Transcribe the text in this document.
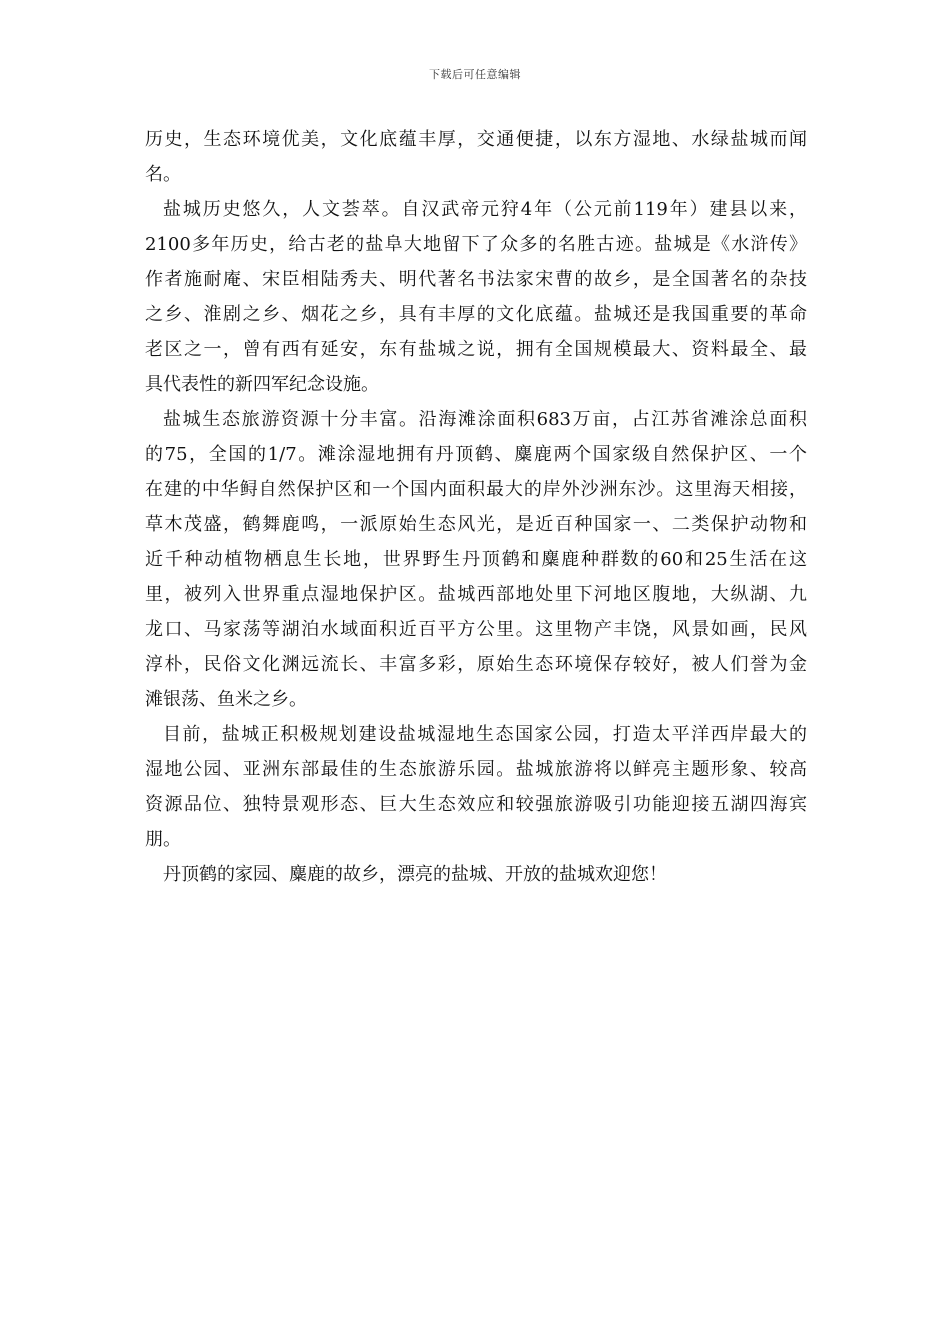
下载后可任意编辑
历史，生态环境优美，文化底蕴丰厚，交通便捷，以东方湿地、水绿盐城而闻
名。
盐城历史悠久，人文荟萃。自汉武帝元狩4年（公元前119年）建县以来，
2100多年历史，给古老的盐阜大地留下了众多的名胜古迹。盐城是《水浒传》
作者施耐庵、宋臣相陆秀夫、明代著名书法家宋曹的故乡，是全国著名的杂技
之乡、淮剧之乡、烟花之乡，具有丰厚的文化底蕴。盐城还是我国重要的革命
老区之一，曾有西有延安，东有盐城之说，拥有全国规模最大、资料最全、最
具代表性的新四军纪念设施。
盐城生态旅游资源十分丰富。沿海滩涂面积683万亩，占江苏省滩涂总面积
的75，全国的1/7。滩涂湿地拥有丹顶鹤、麋鹿两个国家级自然保护区、一个
在建的中华鲟自然保护区和一个国内面积最大的岸外沙洲东沙。这里海天相接，
草木茂盛，鹤舞鹿鸣，一派原始生态风光，是近百种国家一、二类保护动物和
近千种动植物栖息生长地，世界野生丹顶鹤和麋鹿种群数的60和25生活在这
里，被列入世界重点湿地保护区。盐城西部地处里下河地区腹地，大纵湖、九
龙口、马家荡等湖泊水域面积近百平方公里。这里物产丰饶，风景如画，民风
淳朴，民俗文化渊远流长、丰富多彩，原始生态环境保存较好，被人们誉为金
滩银荡、鱼米之乡。
目前，盐城正积极规划建设盐城湿地生态国家公园，打造太平洋西岸最大的
湿地公园、亚洲东部最佳的生态旅游乐园。盐城旅游将以鲜亮主题形象、较高
资源品位、独特景观形态、巨大生态效应和较强旅游吸引功能迎接五湖四海宾
朋。
丹顶鹤的家园、麋鹿的故乡，漂亮的盐城、开放的盐城欢迎您！
